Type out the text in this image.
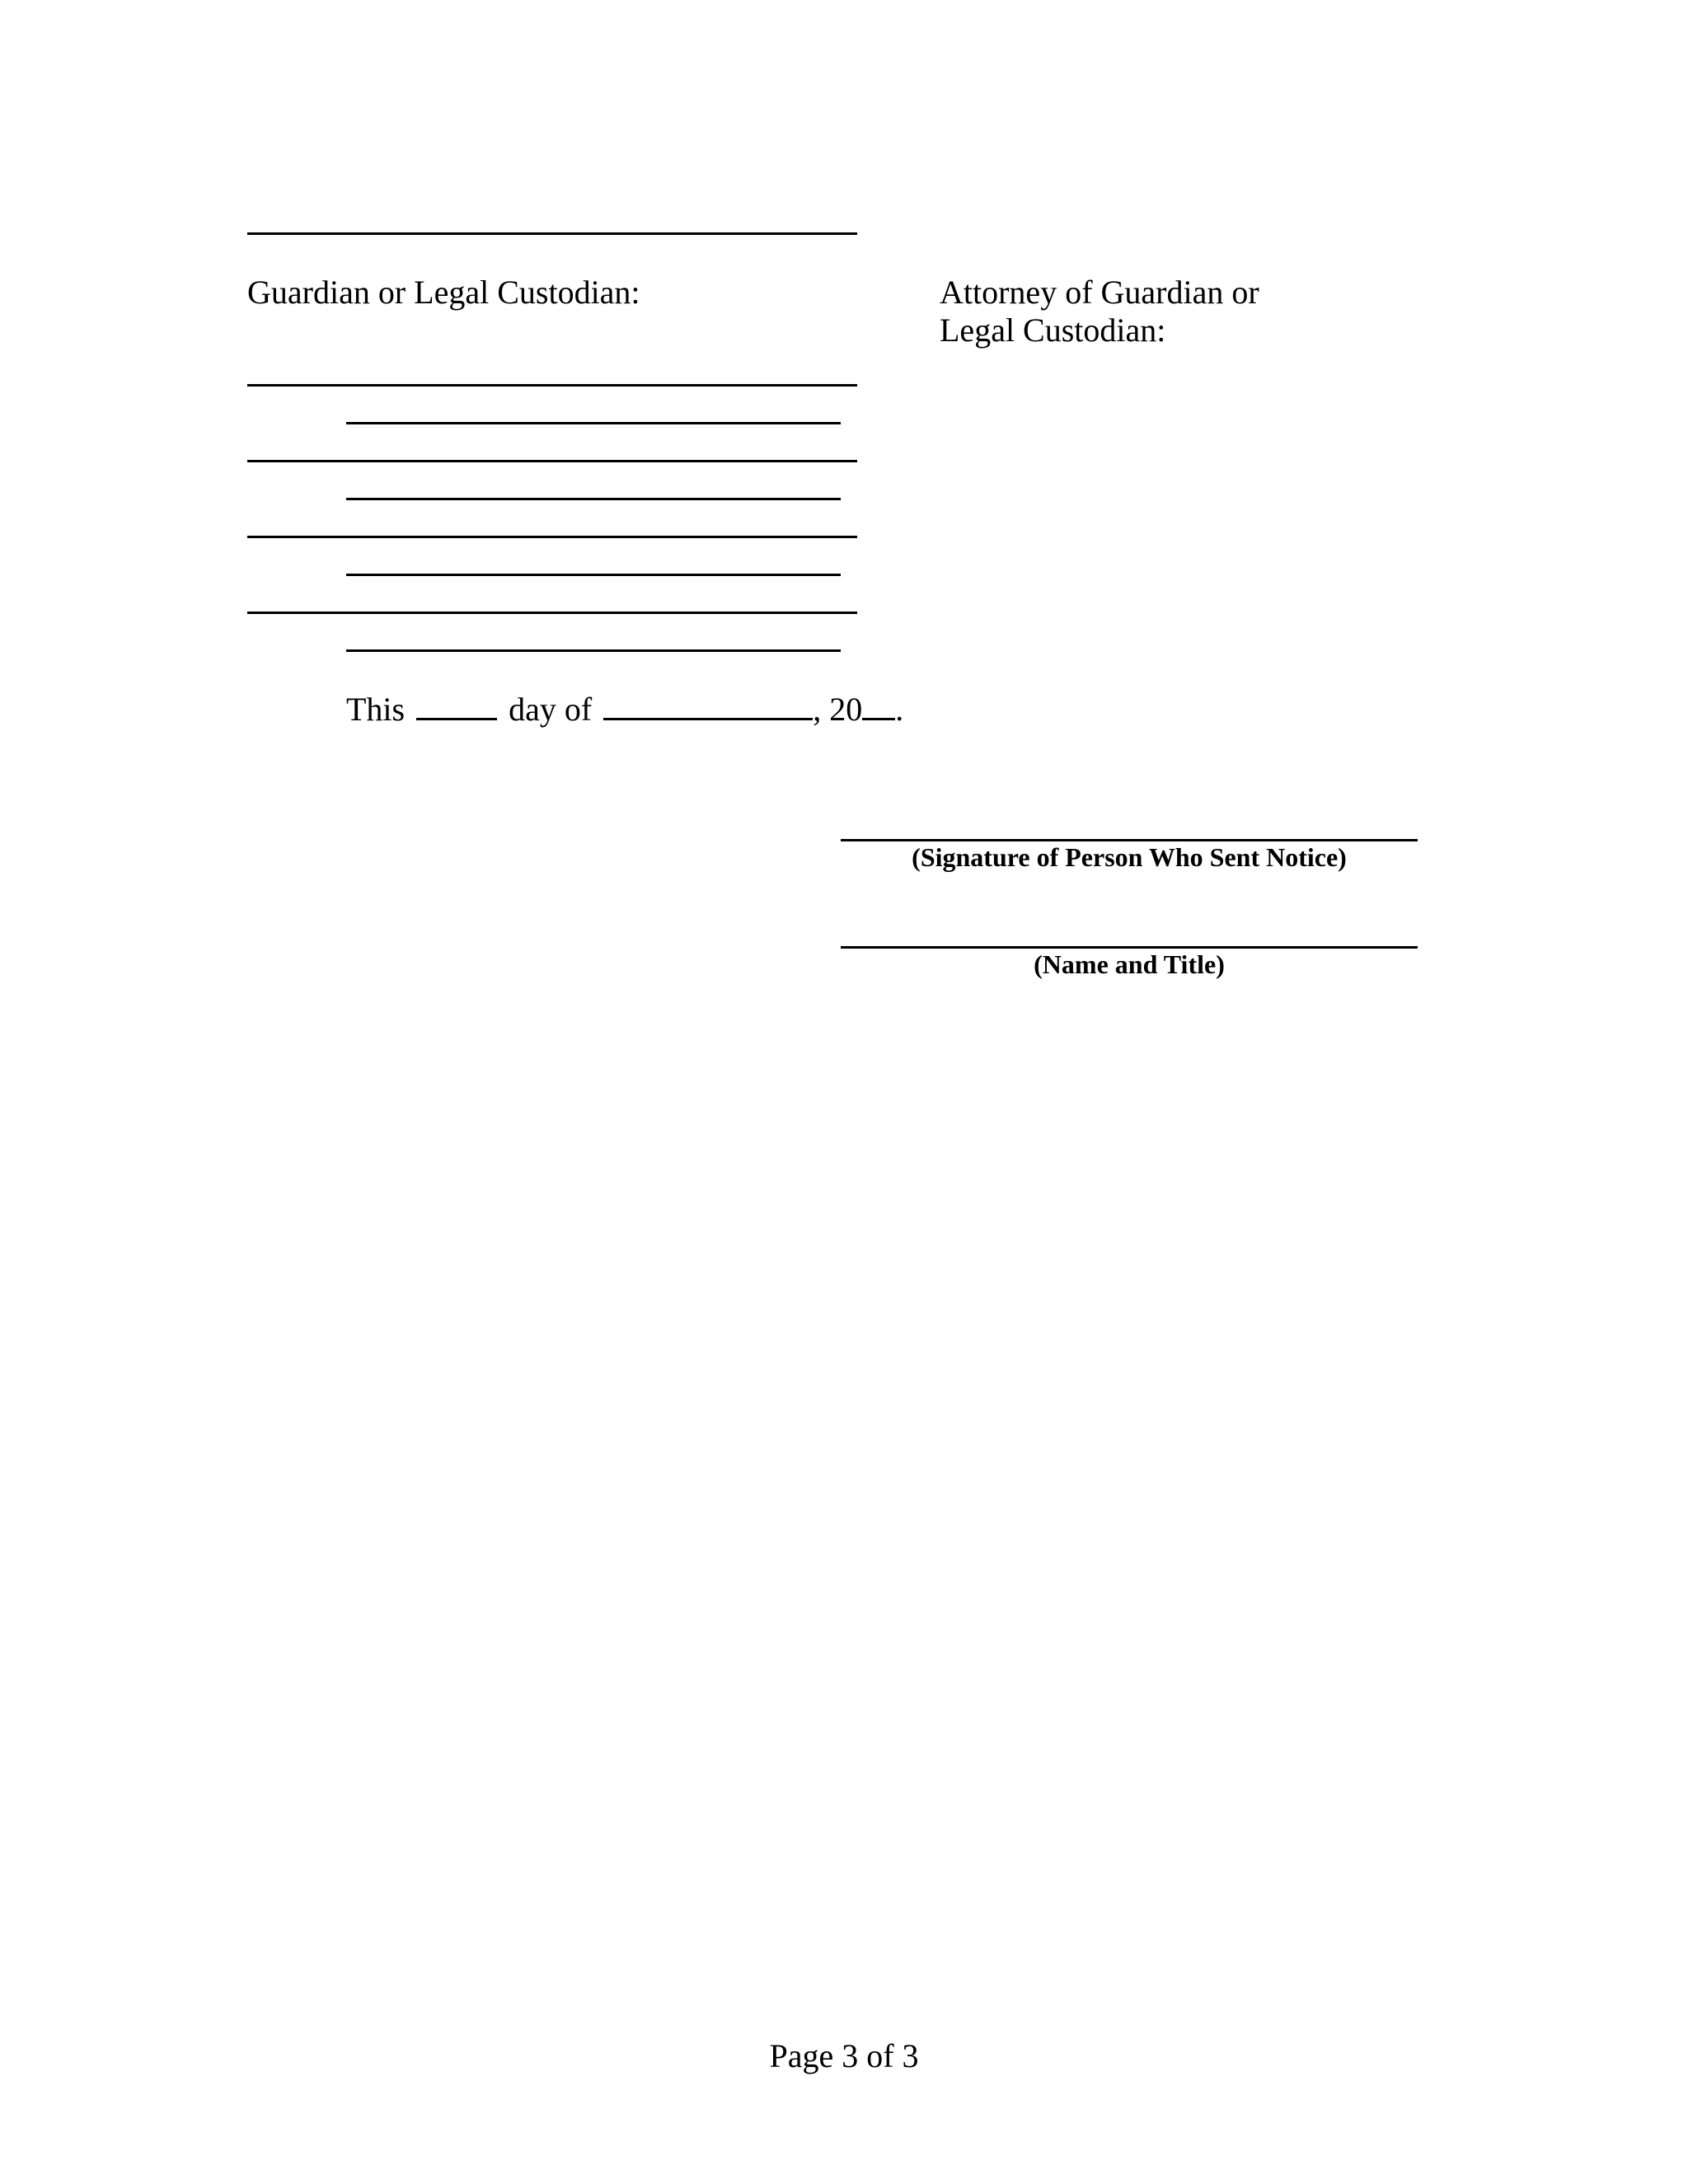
Guardian or Legal Custodian:	Attorney of Guardian or
Legal Custodian:
This	day of	, 20 .
(Signature of Person Who Sent Notice)
(Name and Title)
Page 3 of 3
